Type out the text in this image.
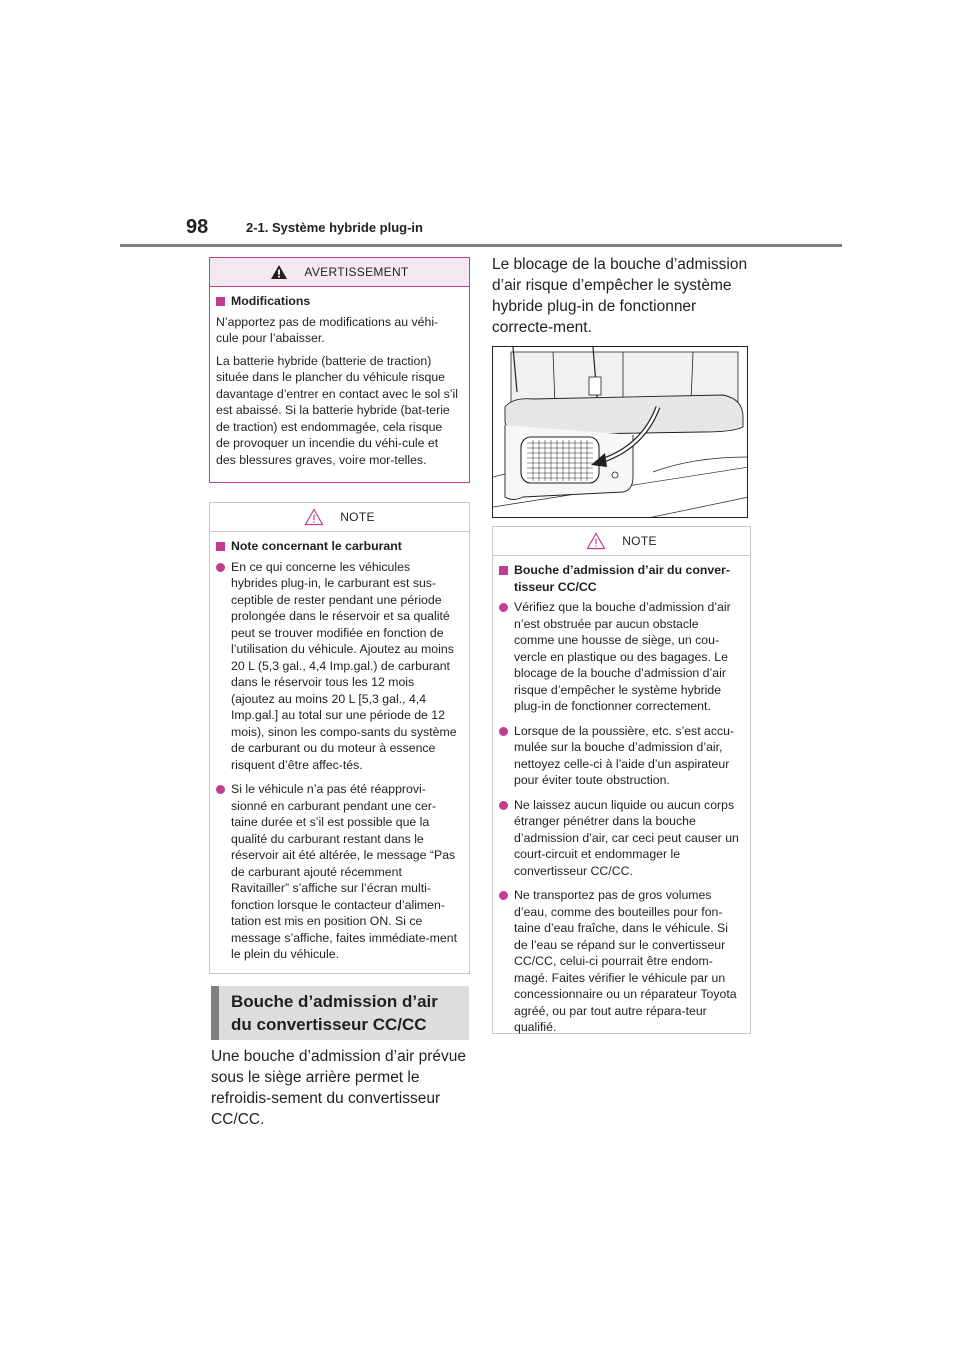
98	2-1. Système hybride plug-in
AVERTISSEMENT
Modifications

N’apportez pas de modifications au véhi-cule pour l’abaisser.

La batterie hybride (batterie de traction) située dans le plancher du véhicule risque davantage d’entrer en contact avec le sol s’il est abaissé. Si la batterie hybride (bat-terie de traction) est endommagée, cela risque de provoquer un incendie du véhi-cule et des blessures graves, voire mor-telles.

NOTE
Note concernant le carburant
En ce qui concerne les véhicules hybrides plug-in, le carburant est sus-ceptible de rester pendant une période prolongée dans le réservoir et sa qualité peut se trouver modifiée en fonction de l’utilisation du véhicule. Ajoutez au moins 20 L (5,3 gal., 4,4 Imp.gal.) de carburant dans le réservoir tous les 12 mois (ajoutez au moins 20 L [5,3 gal., 4,4 Imp.gal.] au total sur une période de 12 mois), sinon les compo-sants du système de carburant ou du moteur à essence risquent d’être affec-tés.
Si le véhicule n’a pas été réapprovi-sionné en carburant pendant une cer-taine durée et s’il est possible que la qualité du carburant restant dans le réservoir ait été altérée, le message “Pas de carburant ajouté récemment Ravitailler” s’affiche sur l’écran multi-fonction lorsque le contacteur d’alimen-tation est mis en position ON. Si ce message s’affiche, faites immédiate-ment le plein du véhicule.
Bouche d’admission d’air du convertisseur CC/CC
Une bouche d’admission d’air prévue sous le siège arrière permet le refroidis-sement du convertisseur CC/CC.
Le blocage de la bouche d’admission d’air risque d’empêcher le système hybride plug-in de fonctionner correcte-ment.
NOTE
Bouche d’admission d’air du conver-tisseur CC/CC
Vérifiez que la bouche d’admission d’air n’est obstruée par aucun obstacle comme une housse de siège, un cou-vercle en plastique ou des bagages. Le blocage de la bouche d’admission d’air risque d’empêcher le système hybride plug-in de fonctionner correctement.
Lorsque de la poussière, etc. s’est accu-mulée sur la bouche d’admission d’air, nettoyez celle-ci à l’aide d’un aspirateur pour éviter toute obstruction.
Ne laissez aucun liquide ou aucun corps étranger pénétrer dans la bouche d’admission d’air, car ceci peut causer un court-circuit et endommager le convertisseur CC/CC.
Ne transportez pas de gros volumes d’eau, comme des bouteilles pour fon-taine d’eau fraîche, dans le véhicule. Si de l’eau se répand sur le convertisseur CC/CC, celui-ci pourrait être endom-magé. Faites vérifier le véhicule par un concessionnaire ou un réparateur Toyota agréé, ou par tout autre répara-teur qualifié.
